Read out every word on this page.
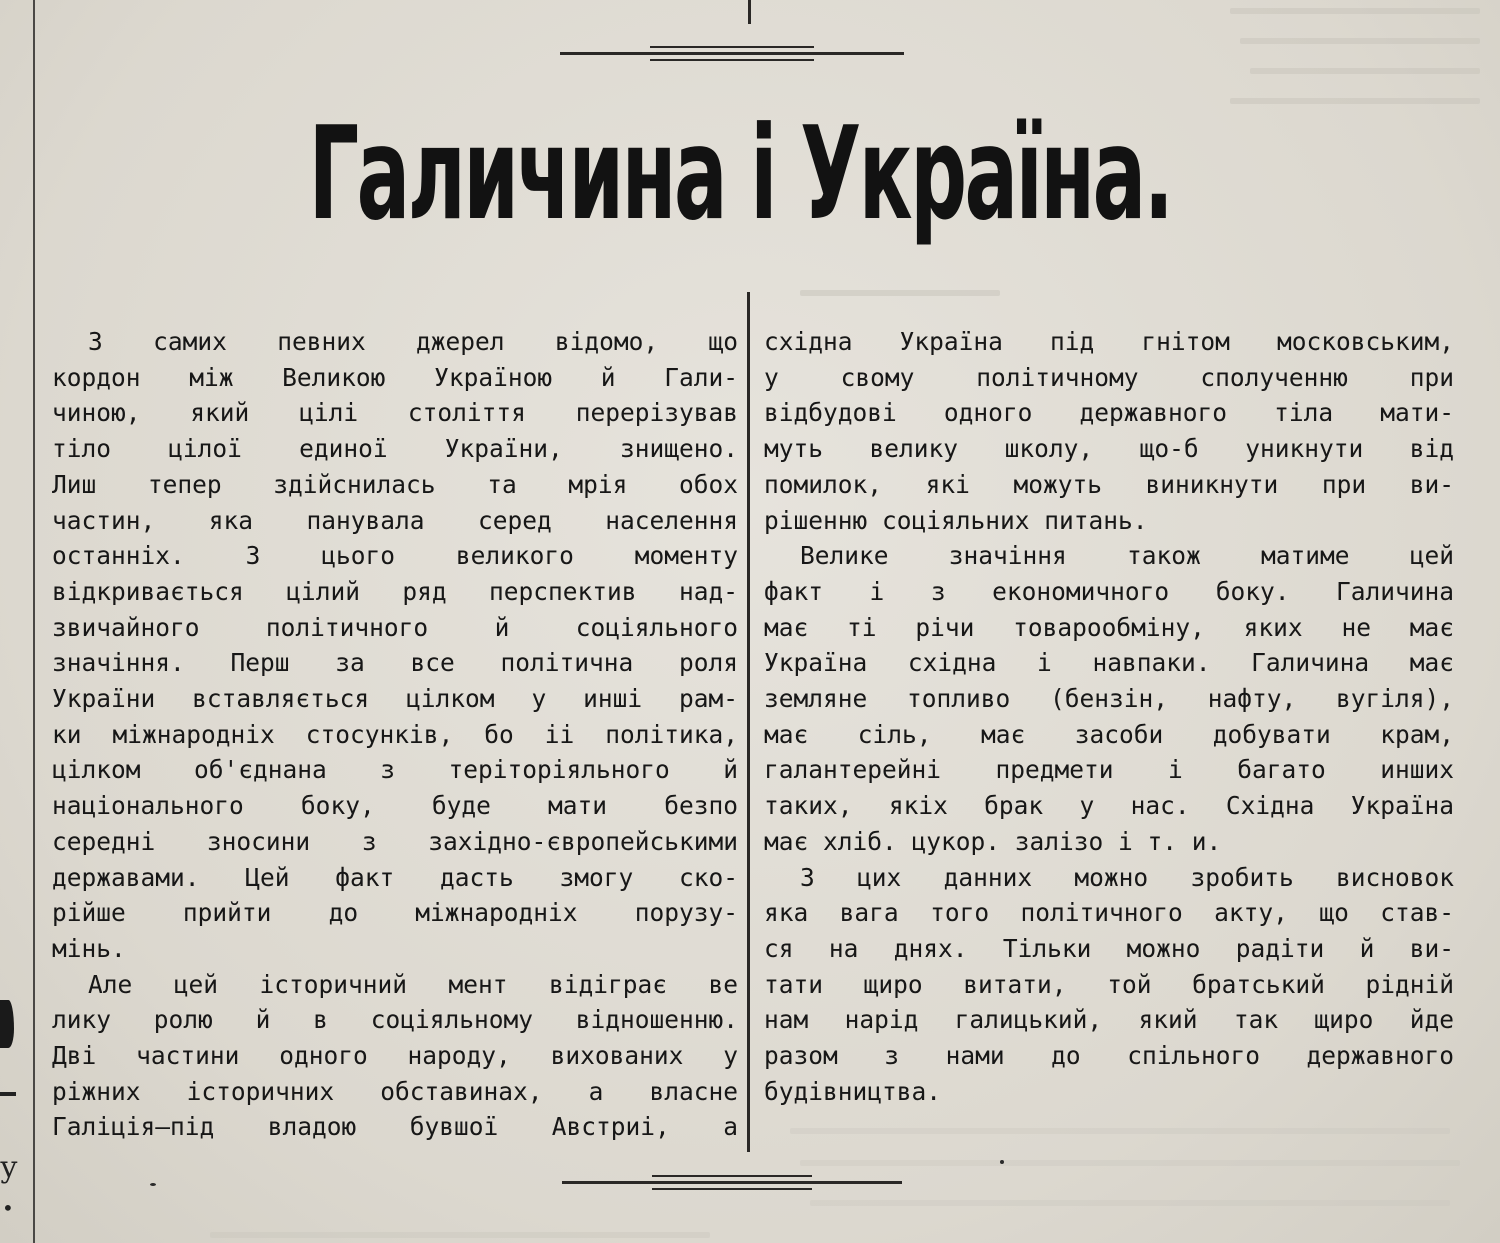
Галичина і Україна.

З самих певних джерел відомо, що

кордон між Великою Україною й Гали-

чиною, який цілі століття перерізував

тіло цілої единої України, знищено.

Лиш тепер здійснилась та мрія обох

частин, яка панувала серед населення

останніх. З цього великого моменту

відкривається цілий ряд перспектив над-

звичайного політичного й соціяльного

значіння. Перш за все політична роля

України вставляється цілком у инші рам-

ки міжнародніх стосунків, бо іі політика,

цілком об'єднана з теріторіяльного й

національного боку, буде мати безпо

середні зносини з західно-європейськими

державами. Цей факт дасть змогу ско-

рійше прийти до міжнародніх порузу-

мінь.

Але цей історичний мент відіграє ве

лику ролю й в соціяльному відношенню.

Дві частини одного народу, вихованих у

ріжних історичних обставинах, а власне

Галіція—під владою бувшої Австриі, а

східна Україна під гнітом московським,

у свому політичному сполученню при

відбудові одного державного тіла мати-

муть велику школу, що-б уникнути від

помилок, які можуть виникнути при ви-

рішенню соціяльних питань.

Велике значіння також матиме цей

факт і з економичного боку. Галичина

має ті річи товарообміну, яких не має

Україна східна і навпаки. Галичина має

земляне топливо (бензін, нафту, вугіля),

має сіль, має засоби добувати крам,

галантерейні предмети і багато инших

таких, якіх брак у нас. Східна Україна

має хліб. цукор. залізо і т. и.

З цих данних можно зробить висновок

яка вага того політичного акту, що став-

ся на днях. Тільки можно радіти й ви-

тати щиро витати, той братський рідній

нам нарід галицький, який так щиро йде

разом з нами до спільного державного

будівництва.

у
•
